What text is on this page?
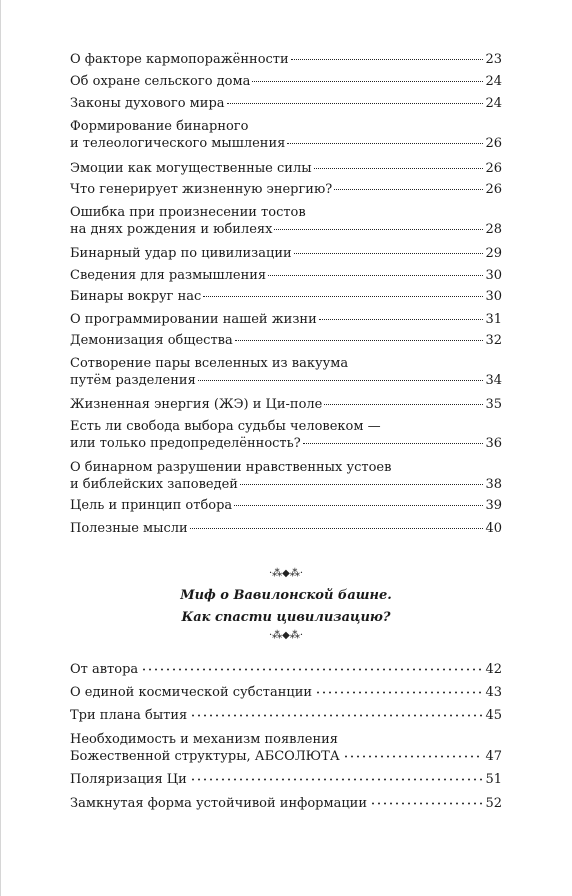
О факторе кармопоражённости	23
Об охране сельского дома	24
Законы духового мира	24
Формирование бинарного
и телеологического мышления	26
Эмоции как могущественные силы	26
Что генерирует жизненную энергию?	26
Ошибка при произнесении тостов
на днях рождения и юбилеях	28
Бинарный удар по цивилизации	29
Сведения для размышления	30
Бинары вокруг нас	30
О программировании нашей жизни	31
Демонизация общества	32
Сотворение пары вселенных из вакуума
путём разделения	34
Жизненная энергия (ЖЭ) и Ци-поле	35
Есть ли свобода выбора судьбы человеком —
или только предопределённость?	36
О бинарном разрушении нравственных устоев
и библейских заповедей	38
Цель и принцип отбора	39
Полезные мысли	40
·⁂◆⁂·
Миф о Вавилонской башне.
Как спасти цивилизацию?
·⁂◆⁂·
От автора	42
О единой космической субстанции	43
Три плана бытия	45
Необходимость и механизм появления
Божественной структуры, АБСОЛЮТА	47
Поляризация Ци	51
Замкнутая форма устойчивой информации	52
